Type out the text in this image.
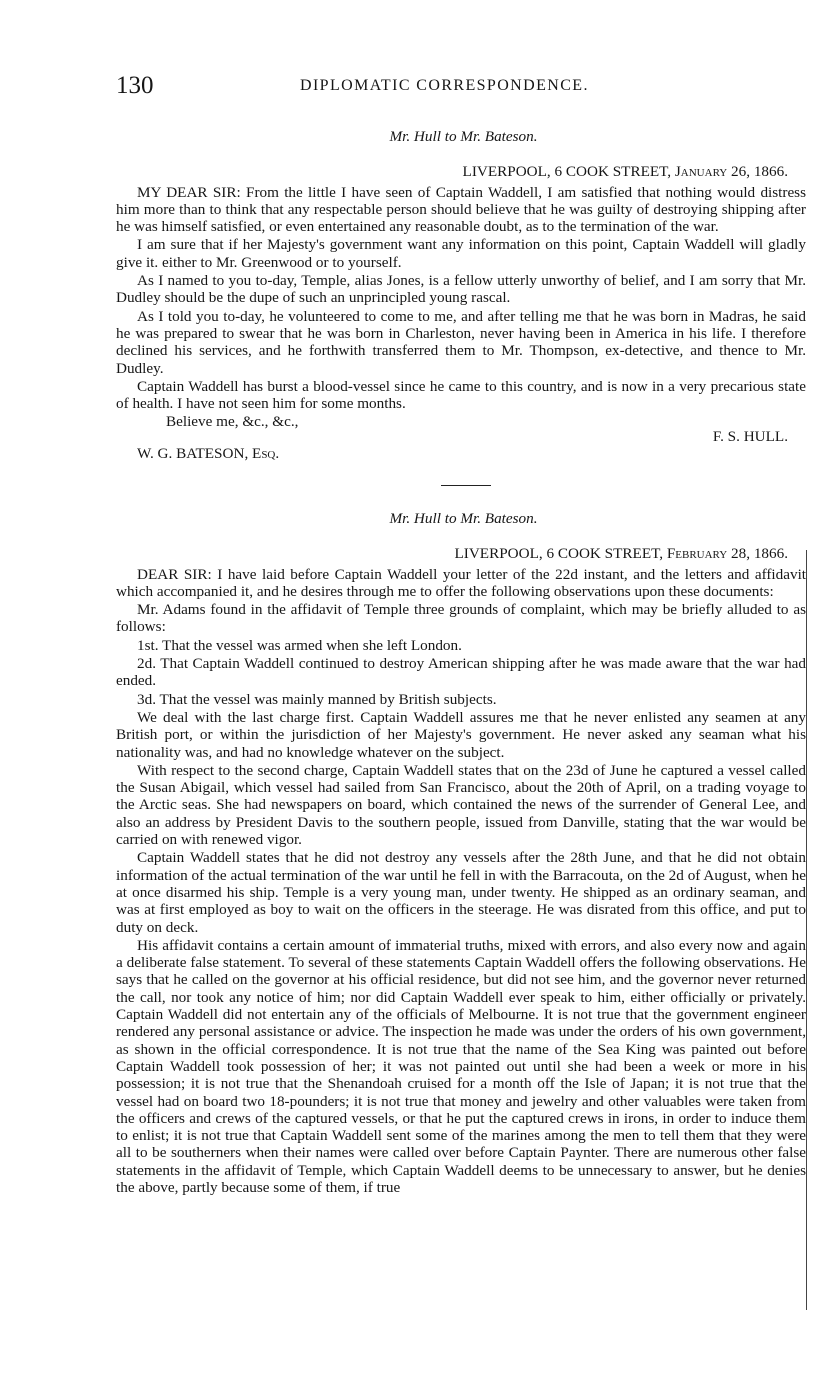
130	DIPLOMATIC CORRESPONDENCE.
Mr. Hull to Mr. Bateson.
LIVERPOOL, 6 COOK STREET, January 26, 1866.

MY DEAR SIR: From the little I have seen of Captain Waddell, I am satisfied that nothing would distress him more than to think that any respectable person should believe that he was guilty of destroying shipping after he was himself satisfied, or even entertained any reasonable doubt, as to the termination of the war.

I am sure that if her Majesty's government want any information on this point, Captain Waddell will gladly give it. either to Mr. Greenwood or to yourself.

As I named to you to-day, Temple, alias Jones, is a fellow utterly unworthy of belief, and I am sorry that Mr. Dudley should be the dupe of such an unprincipled young rascal.

As I told you to-day, he volunteered to come to me, and after telling me that he was born in Madras, he said he was prepared to swear that he was born in Charleston, never having been in America in his life. I therefore declined his services, and he forthwith transferred them to Mr. Thompson, ex-detective, and thence to Mr. Dudley.

Captain Waddell has burst a blood-vessel since he came to this country, and is now in a very precarious state of health. I have not seen him for some months.

Believe me, &c., &c.,

F. S. HULL.

W. G. BATESON, Esq.

Mr. Hull to Mr. Bateson.
LIVERPOOL, 6 COOK STREET, February 28, 1866.

DEAR SIR: I have laid before Captain Waddell your letter of the 22d instant, and the letters and affidavit which accompanied it, and he desires through me to offer the following observations upon these documents:

Mr. Adams found in the affidavit of Temple three grounds of complaint, which may be briefly alluded to as follows:

1st. That the vessel was armed when she left London.

2d. That Captain Waddell continued to destroy American shipping after he was made aware that the war had ended.

3d. That the vessel was mainly manned by British subjects.

We deal with the last charge first. Captain Waddell assures me that he never enlisted any seamen at any British port, or within the jurisdiction of her Majesty's government. He never asked any seaman what his nationality was, and had no knowledge whatever on the subject.

With respect to the second charge, Captain Waddell states that on the 23d of June he captured a vessel called the Susan Abigail, which vessel had sailed from San Francisco, about the 20th of April, on a trading voyage to the Arctic seas. She had newspapers on board, which contained the news of the surrender of General Lee, and also an address by President Davis to the southern people, issued from Danville, stating that the war would be carried on with renewed vigor.

Captain Waddell states that he did not destroy any vessels after the 28th June, and that he did not obtain information of the actual termination of the war until he fell in with the Barracouta, on the 2d of August, when he at once disarmed his ship. Temple is a very young man, under twenty. He shipped as an ordinary seaman, and was at first employed as boy to wait on the officers in the steerage. He was disrated from this office, and put to duty on deck.

His affidavit contains a certain amount of immaterial truths, mixed with errors, and also every now and again a deliberate false statement. To several of these statements Captain Waddell offers the following observations. He says that he called on the governor at his official residence, but did not see him, and the governor never returned the call, nor took any notice of him; nor did Captain Waddell ever speak to him, either officially or privately. Captain Waddell did not entertain any of the officials of Melbourne. It is not true that the government engineer rendered any personal assistance or advice. The inspection he made was under the orders of his own government, as shown in the official correspondence. It is not true that the name of the Sea King was painted out before Captain Waddell took possession of her; it was not painted out until she had been a week or more in his possession; it is not true that the Shenandoah cruised for a month off the Isle of Japan; it is not true that the vessel had on board two 18-pounders; it is not true that money and jewelry and other valuables were taken from the officers and crews of the captured vessels, or that he put the captured crews in irons, in order to induce them to enlist; it is not true that Captain Waddell sent some of the marines among the men to tell them that they were all to be southerners when their names were called over before Captain Paynter. There are numerous other false statements in the affidavit of Temple, which Captain Waddell deems to be unnecessary to answer, but he denies the above, partly because some of them, if true
